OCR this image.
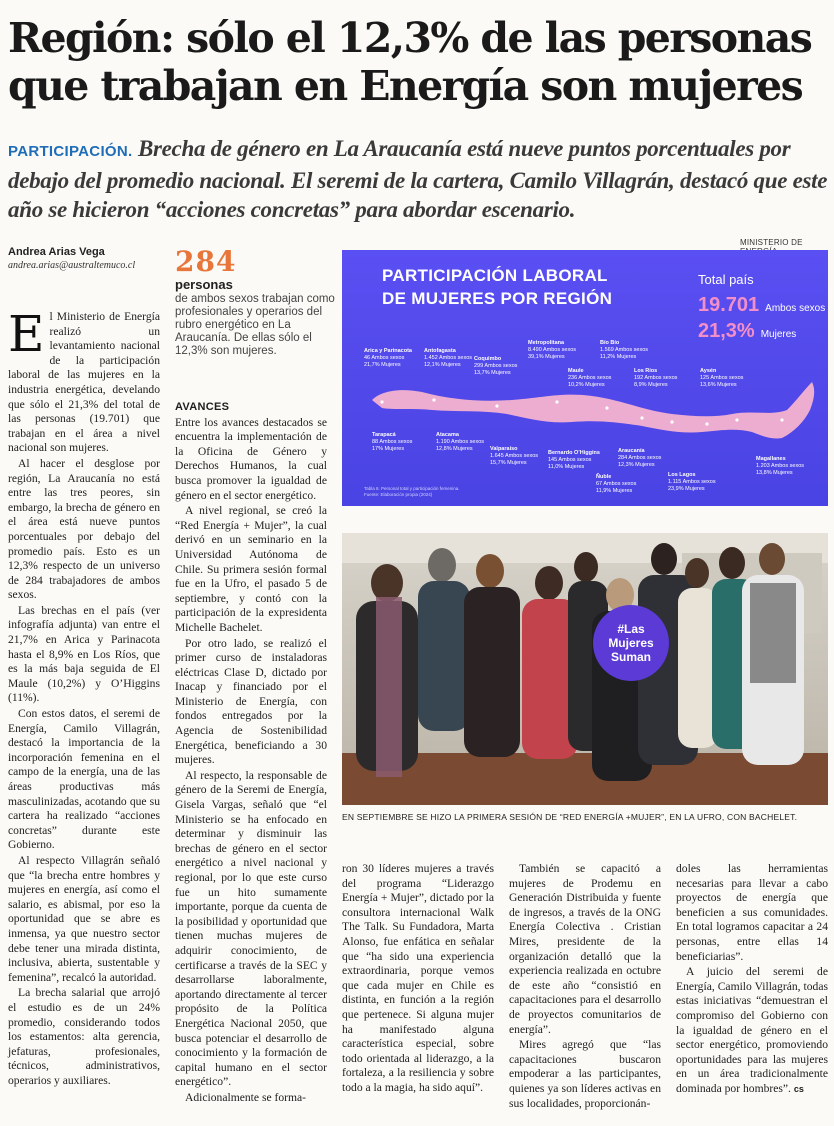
Región: sólo el 12,3% de las personas
que trabajan en Energía son mujeres
PARTICIPACIÓN. Brecha de género en La Araucanía está nueve puntos porcentuales por debajo del promedio nacional. El seremi de la cartera, Camilo Villagrán, destacó que este año se hicieron “acciones concretas” para abordar escenario.
Andrea Arias Vega
andrea.arias@australtemuco.cl	284
personas
de ambos sexos trabajan como profesionales y operarios del rubro energético en La Araucanía. De ellas sólo el 12,3% son mujeres.

El Ministerio de Energía realizó un levantamiento nacional de la participación laboral de las mujeres en la industria energética, develando que sólo el 21,3% del total de las personas (19.701) que trabajan en el área a nivel nacional son mujeres.

Al hacer el desglose por región, La Araucanía no está entre las tres peores, sin embargo, la brecha de género en el área está nueve puntos porcentuales por debajo del promedio país. Esto es un 12,3% respecto de un universo de 284 trabajadores de ambos sexos.

Las brechas en el país (ver infografía adjunta) van entre el 21,7% en Arica y Parinacota hasta el 8,9% en Los Ríos, que es la más baja seguida de El Maule (10,2%) y O’Higgins (11%).

Con estos datos, el seremi de Energía, Camilo Villagrán, destacó la importancia de la incorporación femenina en el campo de la energía, una de las áreas productivas más masculinizadas, acotando que su cartera ha realizado “acciones concretas” durante este Gobierno.

Al respecto Villagrán señaló que “la brecha entre hombres y mujeres en energía, así como el salario, es abismal, por eso la oportunidad que se abre es inmensa, ya que nuestro sector debe tener una mirada distinta, inclusiva, abierta, sustentable y femenina”, recalcó la autoridad.

La brecha salarial que arrojó el estudio es de un 24% promedio, considerando todos los estamentos: alta gerencia, jefaturas, profesionales, técnicos, administrativos, operarios y auxiliares.

AVANCES

Entre los avances destacados se encuentra la implementación de la Oficina de Género y Derechos Humanos, la cual busca promover la igualdad de género en el sector energético.

A nivel regional, se creó la “Red Energía + Mujer”, la cual derivó en un seminario en la Universidad Autónoma de Chile. Su primera sesión formal fue en la Ufro, el pasado 5 de septiembre, y contó con la participación de la expresidenta Michelle Bachelet.

Por otro lado, se realizó el primer curso de instaladoras eléctricas Clase D, dictado por Inacap y financiado por el Ministerio de Energía, con fondos entregados por la Agencia de Sostenibilidad Energética, beneficiando a 30 mujeres.

Al respecto, la responsable de género de la Seremi de Energía, Gisela Vargas, señaló que “el Ministerio se ha enfocado en determinar y disminuir las brechas de género en el sector energético a nivel nacional y regional, por lo que este curso fue un hito sumamente importante, porque da cuenta de la posibilidad y oportunidad que tienen muchas mujeres de adquirir conocimiento, de certificarse a través de la SEC y desarrollarse laboralmente, aportando directamente al tercer propósito de la Política Energética Nacional 2050, que busca potenciar el desarrollo de conocimiento y la formación de capital humano en el sector energético”.

Adicionalmente se forma-

ron 30 líderes mujeres a través del programa “Liderazgo Energía + Mujer”, dictado por la consultora internacional Walk The Talk. Su Fundadora, Marta Alonso, fue enfática en señalar que “ha sido una experiencia extraordinaria, porque vemos que cada mujer en Chile es distinta, en función a la región que pertenece. Si alguna mujer ha manifestado alguna característica especial, sobre todo orientada al liderazgo, a la fortaleza, a la resiliencia y sobre todo a la magia, ha sido aquí”.

También se capacitó a mujeres de Prodemu en Generación Distribuida y fuente de ingresos, a través de la ONG Energía Colectiva . Cristian Mires, presidente de la organización detalló que la experiencia realizada en octubre de este año “consistió en capacitaciones para el desarrollo de proyectos comunitarios de energía”.

Mires agregó que “las capacitaciones buscaron empoderar a las participantes, quienes ya son líderes activas en sus localidades, proporcionán-

doles las herramientas necesarias para llevar a cabo proyectos de energía que beneficien a sus comunidades. En total logramos capacitar a 24 personas, entre ellas 14 beneficiarias”.

A juicio del seremi de Energía, Camilo Villagrán, todas estas iniciativas “demuestran el compromiso del Gobierno con la igualdad de género en el sector energético, promoviendo oportunidades para las mujeres en un área tradicionalmente dominada por hombres”. cs

MINISTERIO DE
PARTICIPACIÓN LABORAL
DE MUJERES POR REGIÓN
Total país
19.701 Ambos sexos
21,3% Mujeres
Arica y Parinacota
46 Ambos sexos
21,7% Mujeres
Antofagasta
1.452 Ambos sexos
12,1% Mujeres
Coquimbo
299 Ambos sexos
13,7% Mujeres
Metropolitana
8.490 Ambos sexos
39,1% Mujeres
Bío Bío
1.569 Ambos sexos
11,2% Mujeres
Maule
236 Ambos sexos
10,2% Mujeres
Los Ríos
192 Ambos sexos
8,9% Mujeres
Aysén
125 Ambos sexos
13,6% Mujeres
Tarapacá
88 Ambos sexos
17% Mujeres
Atacama
1.190 Ambos sexos
12,8% Mujeres	Valparaíso
1.645 Ambos sexos
15,7% Mujeres
Bernardo O’Higgins
145 Ambos sexos
11,0% Mujeres
Araucanía
284 Ambos sexos
12,3% Mujeres
Ñuble
67 Ambos sexos
11,9% Mujeres
Los Lagos
1.115 Ambos sexos
23,9% Mujeres
Magallanes
1.203 Ambos sexos
13,8% Mujeres
Tabla 8. Personal total y participación femenina.
Fuente: Elaboración propia (2024)
#Las
Mujeres
Suman
EN SEPTIEMBRE SE HIZO LA PRIMERA SESIÓN DE “RED ENERGÍA +MUJER”, EN LA UFRO, CON BACHELET.
